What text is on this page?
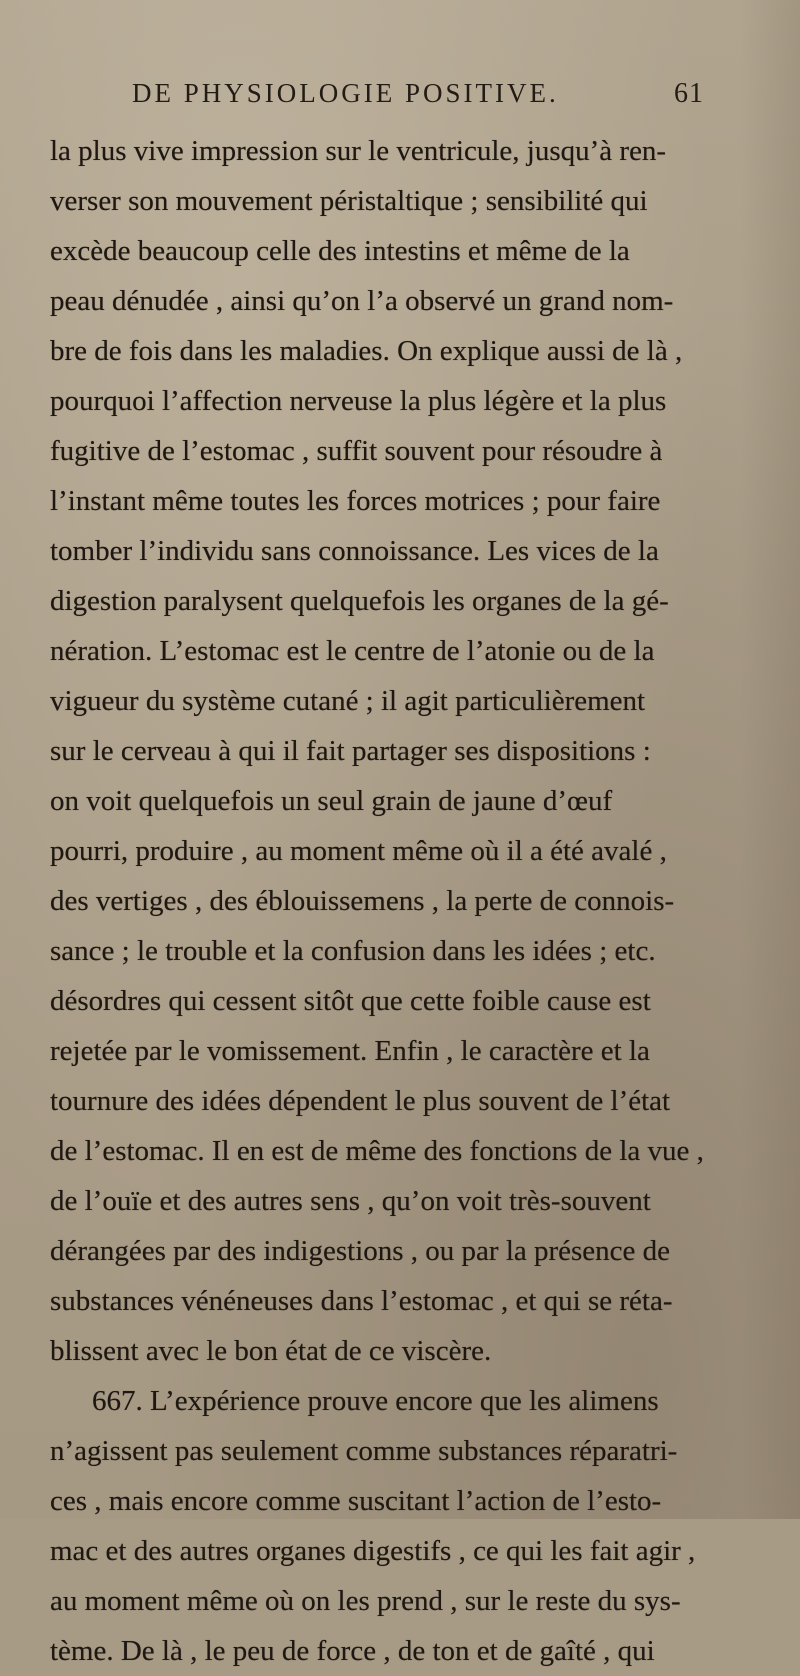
DE PHYSIOLOGIE POSITIVE.	61
la plus vive impression sur le ventricule, jusqu’à ren-
verser son mouvement péristaltique ; sensibilité qui
excède beaucoup celle des intestins et même de la
peau dénudée , ainsi qu’on l’a observé un grand nom-
bre de fois dans les maladies. On explique aussi de là ,
pourquoi l’affection nerveuse la plus légère et la plus
fugitive de l’estomac , suffit souvent pour résoudre à
l’instant même toutes les forces motrices ; pour faire
tomber l’individu sans connoissance. Les vices de la
digestion paralysent quelquefois les organes de la gé-
nération. L’estomac est le centre de l’atonie ou de la
vigueur du système cutané ; il agit particulièrement
sur le cerveau à qui il fait partager ses dispositions :
on voit quelquefois un seul grain de jaune d’œuf
pourri, produire , au moment même où il a été avalé ,
des vertiges , des éblouissemens , la perte de connois-
sance ; le trouble et la confusion dans les idées ; etc.
désordres qui cessent sitôt que cette foible cause est
rejetée par le vomissement. Enfin , le caractère et la
tournure des idées dépendent le plus souvent de l’état
de l’estomac. Il en est de même des fonctions de la vue ,
de l’ouïe et des autres sens , qu’on voit très-souvent
dérangées par des indigestions , ou par la présence de
substances vénéneuses dans l’estomac , et qui se réta-
blissent avec le bon état de ce viscère.
667. L’expérience prouve encore que les alimens
n’agissent pas seulement comme substances réparatri-
ces , mais encore comme suscitant l’action de l’esto-
mac et des autres organes digestifs , ce qui les fait agir ,
au moment même où on les prend , sur le reste du sys-
tème. De là , le peu de force , de ton et de gaîté , qui
